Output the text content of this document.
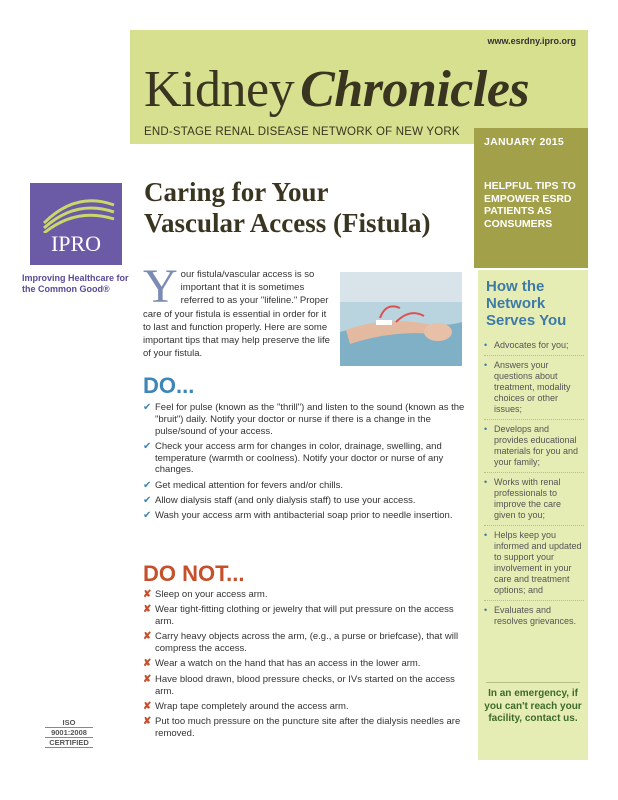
www.esrdny.ipro.org
Kidney Chronicles
END-STAGE RENAL DISEASE NETWORK OF NEW YORK
JANUARY 2015
HELPFUL TIPS TO EMPOWER ESRD PATIENTS AS CONSUMERS
IPRO
Improving Healthcare for the Common Good®
Caring for Your
Vascular Access (Fistula)
Your fistula/vascular access is so important that it is sometimes referred to as your "lifeline." Proper care of your fistula is essential in order for it to last and function properly. Here are some important tips that may help preserve the life of your fistula.
DO...
✔ Feel for pulse (known as the "thrill") and listen to the sound (known as the "bruit") daily. Notify your doctor or nurse if there is a change in the pulse/sound of your access.
✔ Check your access arm for changes in color, drainage, swelling, and temperature (warmth or coolness). Notify your doctor or nurse of any changes.
✔ Get medical attention for fevers and/or chills.
✔ Allow dialysis staff (and only dialysis staff) to use your access.
✔ Wash your access arm with antibacterial soap prior to needle insertion.
DO NOT...
✘ Sleep on your access arm.
✘ Wear tight-fitting clothing or jewelry that will put pressure on the access arm.
✘ Carry heavy objects across the arm, (e.g., a purse or briefcase), that will compress the access.
✘ Wear a watch on the hand that has an access in the lower arm.
✘ Have blood drawn, blood pressure checks, or IVs started on the access arm.
✘ Wrap tape completely around the access arm.
✘ Put too much pressure on the puncture site after the dialysis needles are removed.
How the Network Serves You
• Advocates for you;
• Answers your questions about treatment, modality choices or other issues;
• Develops and provides educational materials for you and your family;
• Works with renal professionals to improve the care given to you;
• Helps keep you informed and updated to support your involvement in your care and treatment options; and
• Evaluates and resolves grievances.
In an emergency, if you can't reach your facility, contact us.
ISO
9001:2008
CERTIFIED
